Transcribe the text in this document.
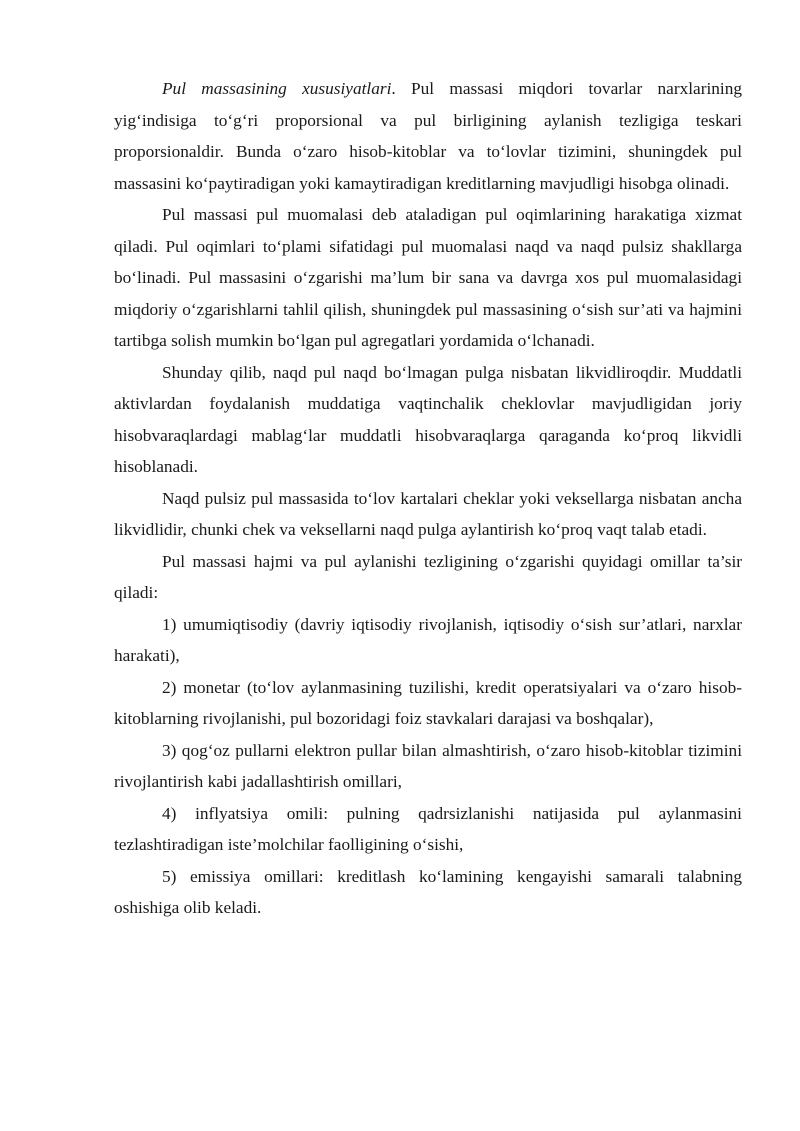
Pul massasining xususiyatlari. Pul massasi miqdori tovarlar narxlarining yig‘indisiga to‘g‘ri proporsional va pul birligining aylanish tezligiga teskari proporsionaldir. Bunda o‘zaro hisob-kitoblar va to‘lovlar tizimini, shuningdek pul massasini ko‘paytiradigan yoki kamaytiradigan kreditlarning mavjudligi hisobga olinadi.

Pul massasi pul muomalasi deb ataladigan pul oqimlarining harakatiga xizmat qiladi. Pul oqimlari to‘plami sifatidagi pul muomalasi naqd va naqd pulsiz shakllarga bo‘linadi. Pul massasini o‘zgarishi ma’lum bir sana va davrga xos pul muomalasidagi miqdoriy o‘zgarishlarni tahlil qilish, shuningdek pul massasining o‘sish sur’ati va hajmini tartibga solish mumkin bo‘lgan pul agregatlari yordamida o‘lchanadi.

Shunday qilib, naqd pul naqd bo‘lmagan pulga nisbatan likvidliroqdir. Muddatli aktivlardan foydalanish muddatiga vaqtinchalik cheklovlar mavjudligidan joriy hisobvaraqlardagi mablag‘lar muddatli hisobvaraqlarga qaraganda ko‘proq likvidli hisoblanadi.

Naqd pulsiz pul massasida to‘lov kartalari cheklar yoki veksellarga nisbatan ancha likvidlidir, chunki chek va veksellarni naqd pulga aylantirish ko‘proq vaqt talab etadi.

Pul massasi hajmi va pul aylanishi tezligining o‘zgarishi quyidagi omillar ta’sir qiladi:

1) umumiqtisodiy (davriy iqtisodiy rivojlanish, iqtisodiy o‘sish sur’atlari, narxlar harakati),

2) monetar (to‘lov aylanmasining tuzilishi, kredit operatsiyalari va o‘zaro hisob-kitoblarning rivojlanishi, pul bozoridagi foiz stavkalari darajasi va boshqalar),

3) qog‘oz pullarni elektron pullar bilan almashtirish, o‘zaro hisob-kitoblar tizimini rivojlantirish kabi jadallashtirish omillari,

4) inflyatsiya omili: pulning qadrsizlanishi natijasida pul aylanmasini tezlashtiradigan iste’molchilar faolligining o‘sishi,

5) emissiya omillari: kreditlash ko‘lamining kengayishi samarali talabning oshishiga olib keladi.
